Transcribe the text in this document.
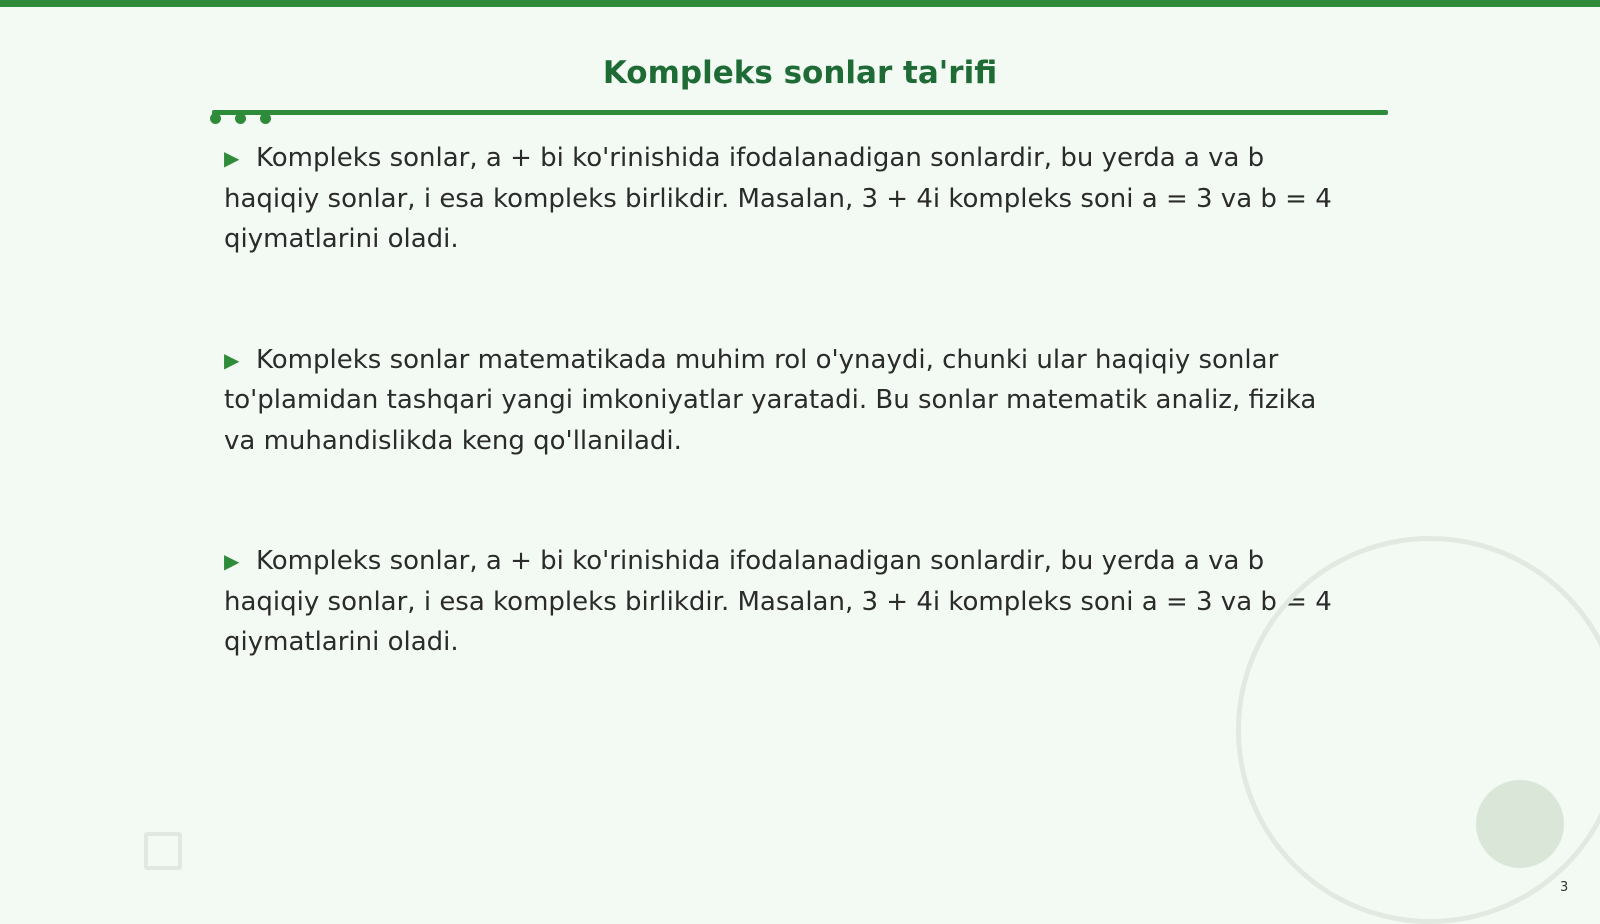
Kompleks sonlar ta'rifi

▶ Kompleks sonlar, a + bi ko'rinishida ifodalanadigan sonlardir, bu yerda a va b haqiqiy sonlar, i esa kompleks birlikdir. Masalan, 3 + 4i kompleks soni a = 3 va b = 4 qiymatlarini oladi.

▶ Kompleks sonlar matematikada muhim rol o'ynaydi, chunki ular haqiqiy sonlar to'plamidan tashqari yangi imkoniyatlar yaratadi. Bu sonlar matematik analiz, fizika va muhandislikda keng qo'llaniladi.

▶ Kompleks sonlar, a + bi ko'rinishida ifodalanadigan sonlardir, bu yerda a va b haqiqiy sonlar, i esa kompleks birlikdir. Masalan, 3 + 4i kompleks soni a = 3 va b = 4 qiymatlarini oladi.

3
